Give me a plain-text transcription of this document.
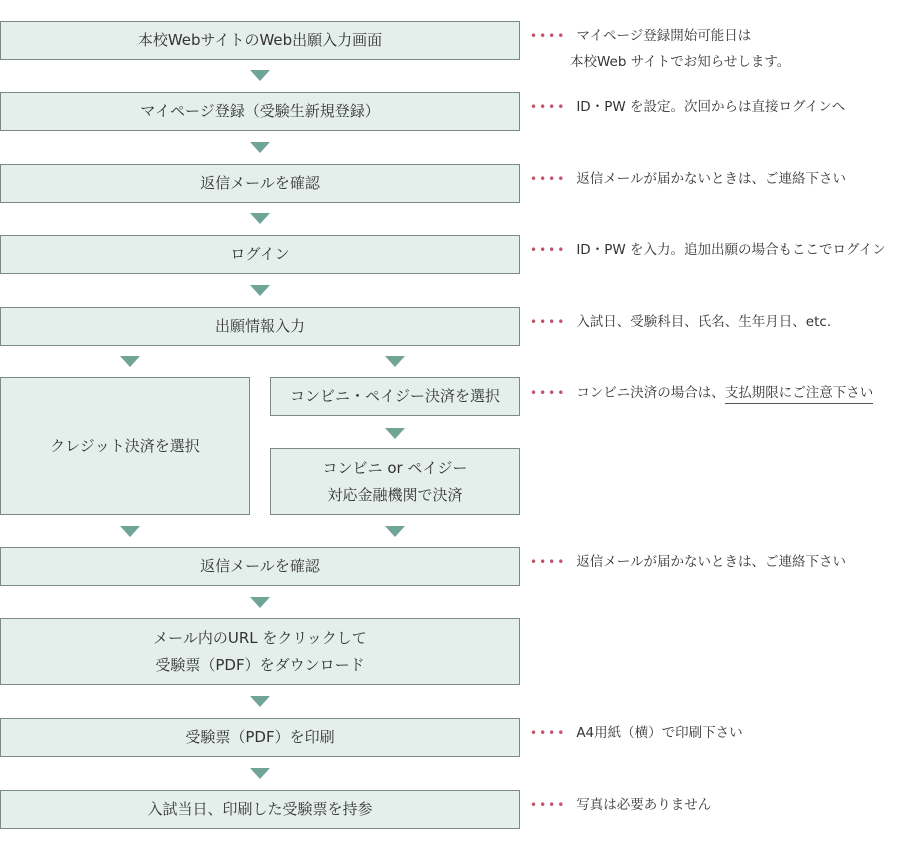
本校WebサイトのWeb出願入力画面
マイページ登録（受験生新規登録）
返信メールを確認
ログイン
出願情報入力
クレジット決済を選択
コンビニ・ペイジー決済を選択
コンビニ or ペイジー
対応金融機関で決済
返信メールを確認
メール内のURL をクリックして
受験票（PDF）をダウンロード
受験票（PDF）を印刷
入試当日、印刷した受験票を持参
•••• マイページ登録開始可能日は
本校Web サイトでお知らせします。
•••• ID・PW を設定。次回からは直接ログインへ
•••• 返信メールが届かないときは、ご連絡下さい
•••• ID・PW を入力。追加出願の場合もここでログイン
•••• 入試日、受験科目、氏名、生年月日、etc.
•••• コンビニ決済の場合は、支払期限にご注意下さい
•••• 返信メールが届かないときは、ご連絡下さい
•••• A4用紙（横）で印刷下さい
•••• 写真は必要ありません
